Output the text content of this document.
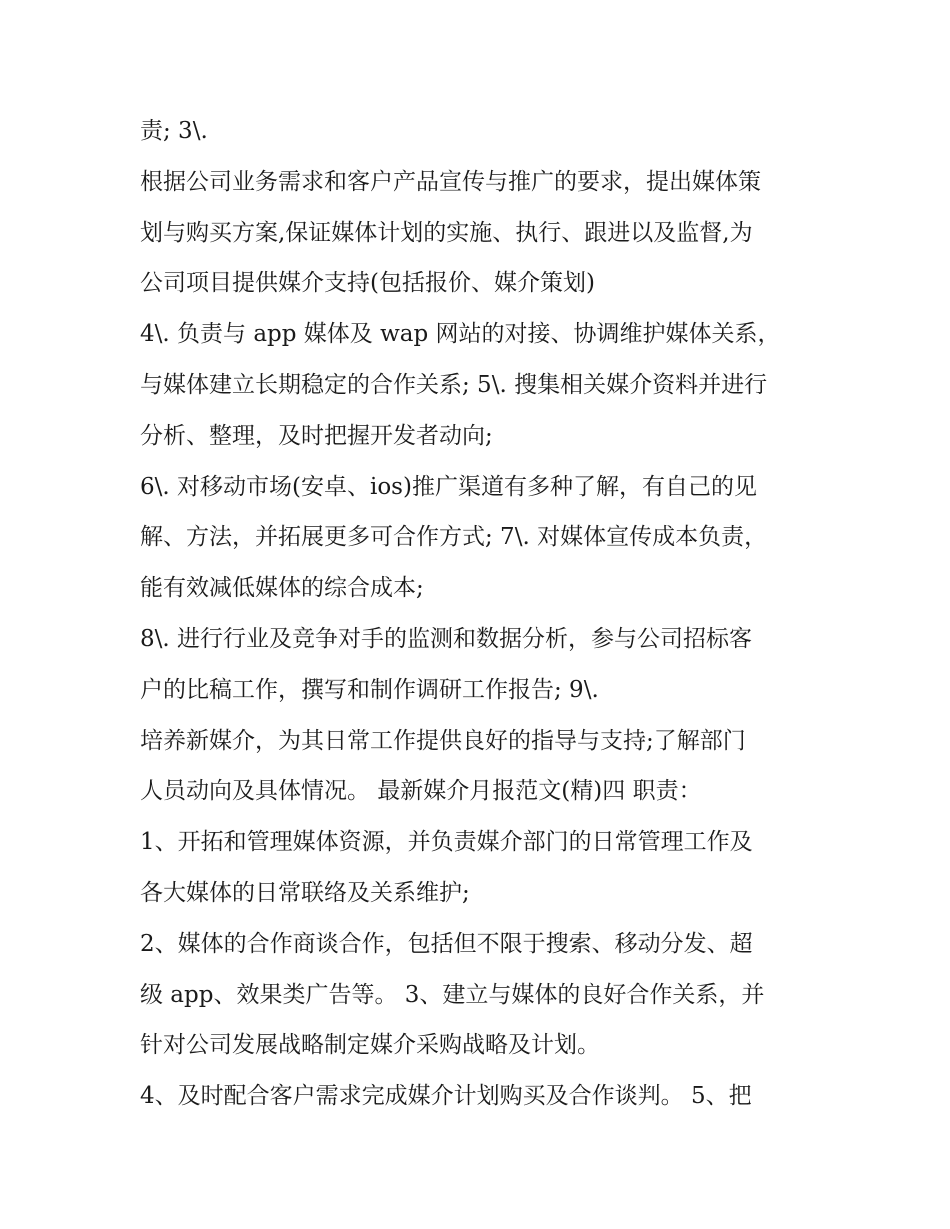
责; 3\.
根据公司业务需求和客户产品宣传与推广的要求，提出媒体策
划与购买方案,保证媒体计划的实施、执行、跟进以及监督,为
公司项目提供媒介支持(包括报价、媒介策划)
4\. 负责与 app 媒体及 wap 网站的对接、协调维护媒体关系，
与媒体建立长期稳定的合作关系; 5\. 搜集相关媒介资料并进行
分析、整理，及时把握开发者动向;
6\. 对移动市场(安卓、ios)推广渠道有多种了解，有自己的见
解、方法，并拓展更多可合作方式; 7\. 对媒体宣传成本负责，
能有效减低媒体的综合成本;
8\. 进行行业及竞争对手的监测和数据分析，参与公司招标客
户的比稿工作，撰写和制作调研工作报告; 9\.
培养新媒介，为其日常工作提供良好的指导与支持;了解部门
人员动向及具体情况。 最新媒介月报范文(精)四 职责：
1、开拓和管理媒体资源，并负责媒介部门的日常管理工作及
各大媒体的日常联络及关系维护;
2、媒体的合作商谈合作，包括但不限于搜索、移动分发、超
级 app、效果类广告等。 3、建立与媒体的良好合作关系，并
针对公司发展战略制定媒介采购战略及计划。
4、及时配合客户需求完成媒介计划购买及合作谈判。 5、把
